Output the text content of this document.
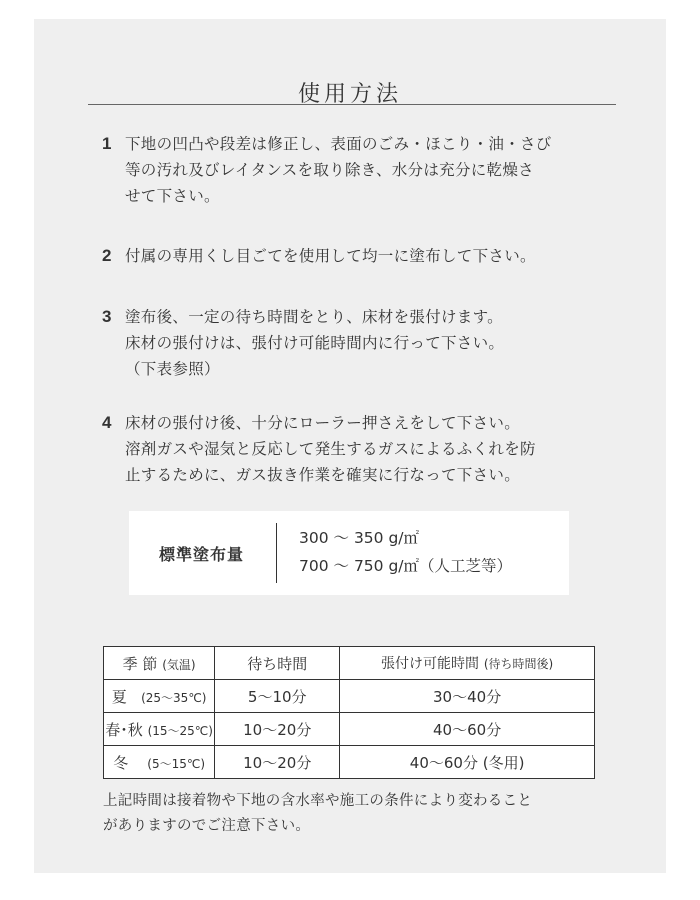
使用方法
1 下地の凹凸や段差は修正し、表面のごみ・ほこり・油・さび
等の汚れ及びレイタンスを取り除き、水分は充分に乾燥さ
せて下さい。
2 付属の専用くし目ごてを使用して均一に塗布して下さい。
3 塗布後、一定の待ち時間をとり、床材を張付けます。
床材の張付けは、張付け可能時間内に行って下さい。
（下表参照）
4 床材の張付け後、十分にローラー押さえをして下さい。
溶剤ガスや湿気と反応して発生するガスによるふくれを防
止するために、ガス抜き作業を確実に行なって下さい。
標準塗布量
300 ～ 350 g/㎡
700 ～ 750 g/㎡（人工芝等）
季 節 (気温)	待ち時間	張付け可能時間 (待ち時間後)
夏 (25～35℃)	5～10分	30～40分
春･秋 (15～25℃)	10～20分	40～60分
冬 (5～15℃)	10～20分	40～60分 (冬用)
上記時間は接着物や下地の含水率や施工の条件により変わること
がありますのでご注意下さい。
